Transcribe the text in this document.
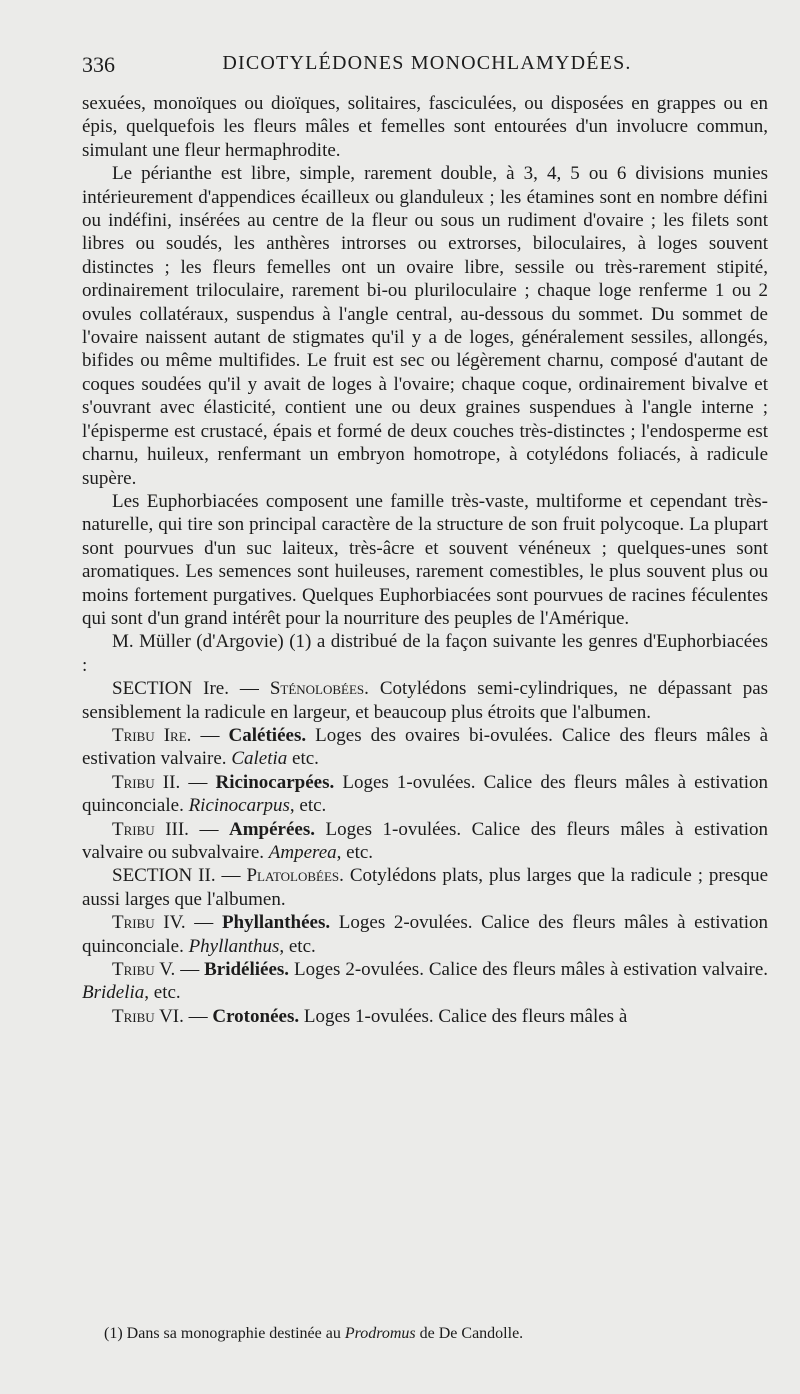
336	DICOTYLÉDONES MONOCHLAMYDÉES.

sexuées, monoïques ou dioïques, solitaires, fasciculées, ou disposées en grappes ou en épis, quelquefois les fleurs mâles et femelles sont entourées d'un involucre commun, simulant une fleur hermaphrodite.

Le périanthe est libre, simple, rarement double, à 3, 4, 5 ou 6 divisions munies intérieurement d'appendices écailleux ou glanduleux ; les étamines sont en nombre défini ou indéfini, insérées au centre de la fleur ou sous un rudiment d'ovaire ; les filets sont libres ou soudés, les anthères introrses ou extrorses, biloculaires, à loges souvent distinctes ; les fleurs femelles ont un ovaire libre, sessile ou très-rarement stipité, ordinairement triloculaire, rarement bi-ou pluriloculaire ; chaque loge renferme 1 ou 2 ovules collatéraux, suspendus à l'angle central, au-dessous du sommet. Du sommet de l'ovaire naissent autant de stigmates qu'il y a de loges, généralement sessiles, allongés, bifides ou même multifides. Le fruit est sec ou légèrement charnu, composé d'autant de coques soudées qu'il y avait de loges à l'ovaire; chaque coque, ordinairement bivalve et s'ouvrant avec élasticité, contient une ou deux graines suspendues à l'angle interne ; l'épisperme est crustacé, épais et formé de deux couches très-distinctes ; l'endosperme est charnu, huileux, renfermant un embryon homotrope, à cotylédons foliacés, à radicule supère.

Les Euphorbiacées composent une famille très-vaste, multiforme et cependant très-naturelle, qui tire son principal caractère de la structure de son fruit polycoque. La plupart sont pourvues d'un suc laiteux, très-âcre et souvent vénéneux ; quelques-unes sont aromatiques. Les semences sont huileuses, rarement comestibles, le plus souvent plus ou moins fortement purgatives. Quelques Euphorbiacées sont pourvues de racines féculentes qui sont d'un grand intérêt pour la nourriture des peuples de l'Amérique.

M. Müller (d'Argovie) (1) a distribué de la façon suivante les genres d'Euphorbiacées :

SECTION Ire. — Sténolobées. Cotylédons semi-cylindriques, ne dépassant pas sensiblement la radicule en largeur, et beaucoup plus étroits que l'albumen.

Tribu Ire. — Calétiées. Loges des ovaires bi-ovulées. Calice des fleurs mâles à estivation valvaire. Caletia etc.

Tribu II. — Ricinocarpées. Loges 1-ovulées. Calice des fleurs mâles à estivation quinconciale. Ricinocarpus, etc.

Tribu III. — Ampérées. Loges 1-ovulées. Calice des fleurs mâles à estivation valvaire ou subvalvaire. Amperea, etc.

SECTION II. — Platolobées. Cotylédons plats, plus larges que la radicule ; presque aussi larges que l'albumen.

Tribu IV. — Phyllanthées. Loges 2-ovulées. Calice des fleurs mâles à estivation quinconciale. Phyllanthus, etc.

Tribu V. — Bridéliées. Loges 2-ovulées. Calice des fleurs mâles à estivation valvaire. Bridelia, etc.

Tribu VI. — Crotonées. Loges 1-ovulées. Calice des fleurs mâles à

(1) Dans sa monographie destinée au Prodromus de De Candolle.
